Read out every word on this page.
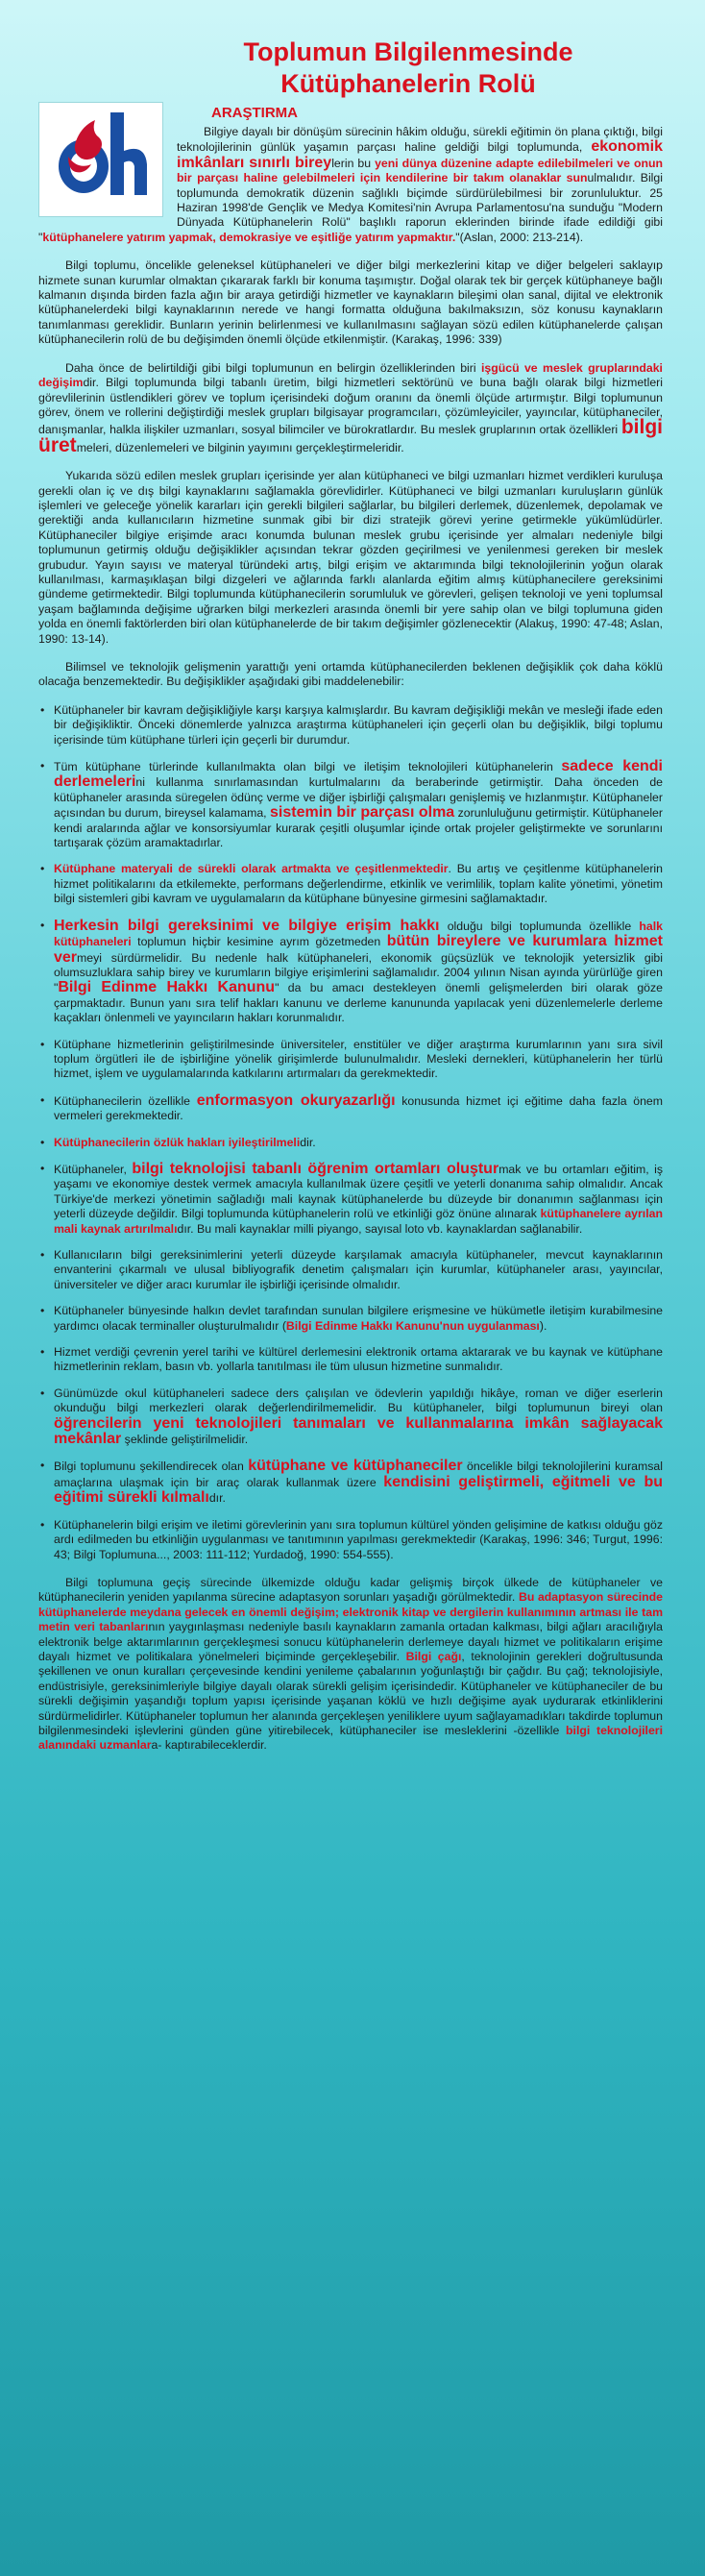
Toplumun Bilgilenmesinde
Kütüphanelerin Rolü
ARAŞTIRMA

Bilgiye dayalı bir dönüşüm sürecinin hâkim olduğu, sürekli eğitimin ön plana çıktığı, bilgi teknolojilerinin günlük yaşamın parçası haline geldiği bilgi toplumunda, ekonomik imkânları sınırlı bireylerin bu yeni dünya düzenine adapte edilebilmeleri ve onun bir parçası haline gelebilmeleri için kendilerine bir takım olanaklar sunulmalıdır. Bilgi toplumunda demokratik düzenin sağlıklı biçimde sürdürülebilmesi bir zorunluluktur. 25 Haziran 1998'de Gençlik ve Medya Komitesi'nin Avrupa Parlamentosu'na sunduğu "Modern Dünyada Kütüphanelerin Rolü" başlıklı raporun eklerinden birinde ifade edildiği gibi "kütüphanelere yatırım yapmak, demokrasiye ve eşitliğe yatırım yapmaktır."(Aslan, 2000: 213-214).

Bilgi toplumu, öncelikle geleneksel kütüphaneleri ve diğer bilgi merkezlerini kitap ve diğer belgeleri saklayıp hizmete sunan kurumlar olmaktan çıkararak farklı bir konuma taşımıştır. Doğal olarak tek bir gerçek kütüphaneye bağlı kalmanın dışında birden fazla ağın bir araya getirdiği hizmetler ve kaynakların bileşimi olan sanal, dijital ve elektronik kütüphanelerdeki bilgi kaynaklarının nerede ve hangi formatta olduğuna bakılmaksızın, söz konusu kaynakların tanımlanması gereklidir. Bunların yerinin belirlenmesi ve kullanılmasını sağlayan sözü edilen kütüphanelerde çalışan kütüphanecilerin rolü de bu değişimden önemli ölçüde etkilenmiştir. (Karakaş, 1996: 339)

Daha önce de belirtildiği gibi bilgi toplumunun en belirgin özelliklerinden biri işgücü ve meslek gruplarındaki değişimdir. Bilgi toplumunda bilgi tabanlı üretim, bilgi hizmetleri sektörünü ve buna bağlı olarak bilgi hizmetleri görevlilerinin üstlendikleri görev ve toplum içerisindeki doğum oranını da önemli ölçüde artırmıştır. Bilgi toplumunun görev, önem ve rollerini değiştirdiği meslek grupları bilgisayar programcıları, çözümleyiciler, yayıncılar, kütüphaneciler, danışmanlar, halkla ilişkiler uzmanları, sosyal bilimciler ve bürokratlardır. Bu meslek gruplarının ortak özellikleri bilgi üretmeleri, düzenlemeleri ve bilginin yayımını gerçekleştirmeleridir.

Yukarıda sözü edilen meslek grupları içerisinde yer alan kütüphaneci ve bilgi uzmanları hizmet verdikleri kuruluşa gerekli olan iç ve dış bilgi kaynaklarını sağlamakla görevlidirler. Kütüphaneci ve bilgi uzmanları kuruluşların günlük işlemleri ve geleceğe yönelik kararları için gerekli bilgileri sağlarlar, bu bilgileri derlemek, düzenlemek, depolamak ve gerektiği anda kullanıcıların hizmetine sunmak gibi bir dizi stratejik görevi yerine getirmekle yükümlüdürler. Kütüphaneciler bilgiye erişimde aracı konumda bulunan meslek grubu içerisinde yer almaları nedeniyle bilgi toplumunun getirmiş olduğu değişiklikler açısından tekrar gözden geçirilmesi ve yenilenmesi gereken bir meslek grubudur. Yayın sayısı ve materyal türündeki artış, bilgi erişim ve aktarımında bilgi teknolojilerinin yoğun olarak kullanılması, karmaşıklaşan bilgi dizgeleri ve ağlarında farklı alanlarda eğitim almış kütüphanecilere gereksinimi gündeme getirmektedir. Bilgi toplumunda kütüphanecilerin sorumluluk ve görevleri, gelişen teknoloji ve yeni toplumsal yaşam bağlamında değişime uğrarken bilgi merkezleri arasında önemli bir yere sahip olan ve bilgi toplumuna giden yolda en önemli faktörlerden biri olan kütüphanelerde de bir takım değişimler gözlenecektir (Alakuş, 1990: 47-48; Aslan, 1990: 13-14).

Bilimsel ve teknolojik gelişmenin yarattığı yeni ortamda kütüphanecilerden beklenen değişiklik çok daha köklü olacağa benzemektedir. Bu değişiklikler aşağıdaki gibi maddelenebilir:

• Kütüphaneler bir kavram değişikliğiyle karşı karşıya kalmışlardır. Bu kavram değişikliği mekân ve mesleği ifade eden bir değişikliktir. Önceki dönemlerde yalnızca araştırma kütüphaneleri için geçerli olan bu değişiklik, bilgi toplumu içerisinde tüm kütüphane türleri için geçerli bir durumdur.
• Tüm kütüphane türlerinde kullanılmakta olan bilgi ve iletişim teknolojileri kütüphanelerin sadece kendi derlemelerini kullanma sınırlamasından kurtulmalarını da beraberinde getirmiştir. Daha önceden de kütüphaneler arasında süregelen ödünç verme ve diğer işbirliği çalışmaları genişlemiş ve hızlanmıştır. Kütüphaneler açısından bu durum, bireysel kalamama, sistemin bir parçası olma zorunluluğunu getirmiştir. Kütüphaneler kendi aralarında ağlar ve konsorsiyumlar kurarak çeşitli oluşumlar içinde ortak projeler geliştirmekte ve sorunlarını tartışarak çözüm aramaktadırlar.
• Kütüphane materyali de sürekli olarak artmakta ve çeşitlenmektedir. Bu artış ve çeşitlenme kütüphanelerin hizmet politikalarını da etkilemekte, performans değerlendirme, etkinlik ve verimlilik, toplam kalite yönetimi, yönetim bilgi sistemleri gibi kavram ve uygulamaların da kütüphane bünyesine girmesini sağlamaktadır.
• Herkesin bilgi gereksinimi ve bilgiye erişim hakkı olduğu bilgi toplumunda özellikle halk kütüphaneleri toplumun hiçbir kesimine ayrım gözetmeden bütün bireylere ve kurumlara hizmet vermeyi sürdürmelidir. Bu nedenle halk kütüphaneleri, ekonomik güçsüzlük ve teknolojik yetersizlik gibi olumsuzluklara sahip birey ve kurumların bilgiye erişimlerini sağlamalıdır. 2004 yılının Nisan ayında yürürlüğe giren "Bilgi Edinme Hakkı Kanunu" da bu amacı destekleyen önemli gelişmelerden biri olarak göze çarpmaktadır. Bunun yanı sıra telif hakları kanunu ve derleme kanununda yapılacak yeni düzenlemelerle derleme kaçakları önlenmeli ve yayıncıların hakları korunmalıdır.
• Kütüphane hizmetlerinin geliştirilmesinde üniversiteler, enstitüler ve diğer araştırma kurumlarının yanı sıra sivil toplum örgütleri ile de işbirliğine yönelik girişimlerde bulunulmalıdır. Mesleki dernekleri, kütüphanelerin her türlü hizmet, işlem ve uygulamalarında katkılarını artırmaları da gerekmektedir.
• Kütüphanecilerin özellikle enformasyon okuryazarlığı konusunda hizmet içi eğitime daha fazla önem vermeleri gerekmektedir.
• Kütüphanecilerin özlük hakları iyileştirilmelidir.
• Kütüphaneler, bilgi teknolojisi tabanlı öğrenim ortamları oluşturmak ve bu ortamları eğitim, iş yaşamı ve ekonomiye destek vermek amacıyla kullanılmak üzere çeşitli ve yeterli donanıma sahip olmalıdır. Ancak Türkiye'de merkezi yönetimin sağladığı mali kaynak kütüphanelerde bu düzeyde bir donanımın sağlanması için yeterli düzeyde değildir. Bilgi toplumunda kütüphanelerin rolü ve etkinliği göz önüne alınarak kütüphanelere ayrılan mali kaynak artırılmalıdır. Bu mali kaynaklar milli piyango, sayısal loto vb. kaynaklardan sağlanabilir.
• Kullanıcıların bilgi gereksinimlerini yeterli düzeyde karşılamak amacıyla kütüphaneler, mevcut kaynaklarının envanterini çıkarmalı ve ulusal bibliyografik denetim çalışmaları için kurumlar, kütüphaneler arası, yayıncılar, üniversiteler ve diğer aracı kurumlar ile işbirliği içerisinde olmalıdır.
• Kütüphaneler bünyesinde halkın devlet tarafından sunulan bilgilere erişmesine ve hükümetle iletişim kurabilmesine yardımcı olacak terminaller oluşturulmalıdır (Bilgi Edinme Hakkı Kanunu'nun uygulanması).
• Hizmet verdiği çevrenin yerel tarihi ve kültürel derlemesini elektronik ortama aktararak ve bu kaynak ve kütüphane hizmetlerinin reklam, basın vb. yollarla tanıtılması ile tüm ulusun hizmetine sunmalıdır.
• Günümüzde okul kütüphaneleri sadece ders çalışılan ve ödevlerin yapıldığı hikâye, roman ve diğer eserlerin okunduğu bilgi merkezleri olarak değerlendirilmemelidir. Bu kütüphaneler, bilgi toplumunun bireyi olan öğrencilerin yeni teknolojileri tanımaları ve kullanmalarına imkân sağlayacak mekânlar şeklinde geliştirilmelidir.
• Bilgi toplumunu şekillendirecek olan kütüphane ve kütüphaneciler öncelikle bilgi teknolojilerini kuramsal amaçlarına ulaşmak için bir araç olarak kullanmak üzere kendisini geliştirmeli, eğitmeli ve bu eğitimi sürekli kılmalıdır.
• Kütüphanelerin bilgi erişim ve iletimi görevlerinin yanı sıra toplumun kültürel yönden gelişimine de katkısı olduğu göz ardı edilmeden bu etkinliğin uygulanması ve tanıtımının yapılması gerekmektedir (Karakaş, 1996: 346; Turgut, 1996: 43; Bilgi Toplumuna..., 2003: 111-112; Yurdadoğ, 1990: 554-555).

Bilgi toplumuna geçiş sürecinde ülkemizde olduğu kadar gelişmiş birçok ülkede de kütüphaneler ve kütüphanecilerin yeniden yapılanma sürecine adaptasyon sorunları yaşadığı görülmektedir. Bu adaptasyon sürecinde kütüphanelerde meydana gelecek en önemli değişim; elektronik kitap ve dergilerin kullanımının artması ile tam metin veri tabanlarının yaygınlaşması nedeniyle basılı kaynakların zamanla ortadan kalkması, bilgi ağları aracılığıyla elektronik belge aktarımlarının gerçekleşmesi sonucu kütüphanelerin derlemeye dayalı hizmet ve politikaların erişime dayalı hizmet ve politikalara yönelmeleri biçiminde gerçekleşebilir. Bilgi çağı, teknolojinin gerekleri doğrultusunda şekillenen ve onun kuralları çerçevesinde kendini yenileme çabalarının yoğunlaştığı bir çağdır. Bu çağ; teknolojisiyle, endüstrisiyle, gereksinimleriyle bilgiye dayalı olarak sürekli gelişim içerisindedir. Kütüphaneler ve kütüphaneciler de bu sürekli değişimin yaşandığı toplum yapısı içerisinde yaşanan köklü ve hızlı değişime ayak uydurarak etkinliklerini sürdürmelidirler. Kütüphaneler toplumun her alanında gerçekleşen yeniliklere uyum sağlayamadıkları takdirde toplumun bilgilenmesindeki işlevlerini günden güne yitirebilecek, kütüphaneciler ise mesleklerini -özellikle bilgi teknolojileri alanındaki uzmanlara- kaptırabileceklerdir.
